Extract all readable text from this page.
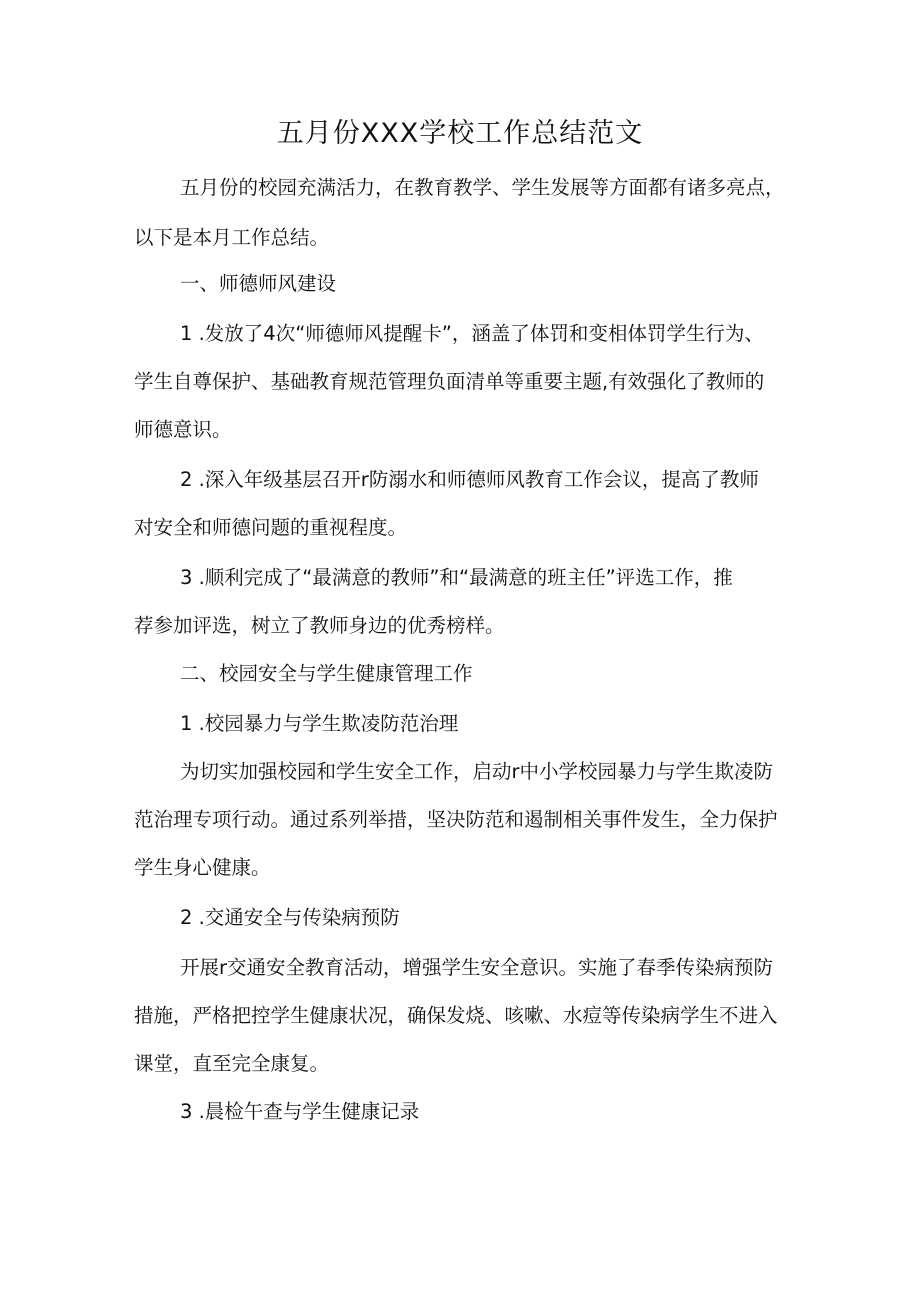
五月份XXX学校工作总结范文

五月份的校园充满活力，在教育教学、学生发展等方面都有诸多亮点，

以下是本月工作总结。

一、师德师风建设

1 .发放了4次“师德师风提醒卡”，涵盖了体罚和变相体罚学生行为、

学生自尊保护、基础教育规范管理负面清单等重要主题,有效强化了教师的

师德意识。

2 .深入年级基层召开r防溺水和师德师风教育工作会议，提高了教师

对安全和师德问题的重视程度。

3 .顺利完成了“最满意的教师”和“最满意的班主任”评选工作，推

荐参加评选，树立了教师身边的优秀榜样。

二、校园安全与学生健康管理工作

1 .校园暴力与学生欺凌防范治理

为切实加强校园和学生安全工作，启动r中小学校园暴力与学生欺凌防

范治理专项行动。通过系列举措，坚决防范和遏制相关事件发生，全力保护

学生身心健康。

2 .交通安全与传染病预防

开展r交通安全教育活动，增强学生安全意识。实施了春季传染病预防

措施，严格把控学生健康状况，确保发烧、咳嗽、水痘等传染病学生不进入

课堂，直至完全康复。

3 .晨检午查与学生健康记录
